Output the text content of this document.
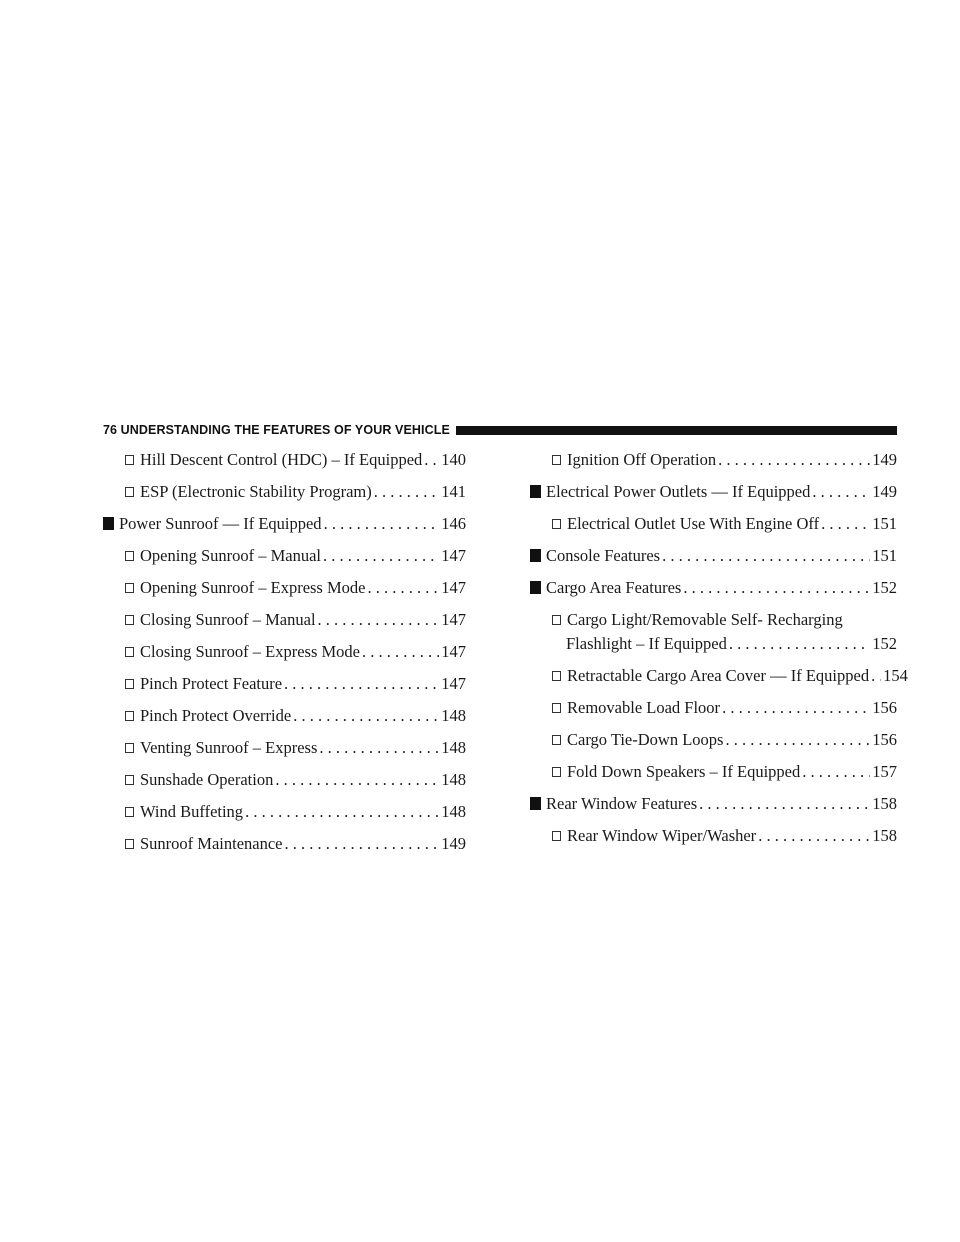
76 UNDERSTANDING THE FEATURES OF YOUR VEHICLE
Hill Descent Control (HDC) – If Equipped . . . 140
ESP (Electronic Stability Program) . . .	141
Power Sunroof — If Equipped . . .	146
Opening Sunroof – Manual . . .	147
Opening Sunroof – Express Mode . . .	147
Closing Sunroof – Manual . . .	147
Closing Sunroof – Express Mode . . .	147
Pinch Protect Feature . . .	147
Pinch Protect Override . . .	148
Venting Sunroof – Express . . .	148
Sunshade Operation . . .	148
Wind Buffeting . . .	148
Sunroof Maintenance . . .	149
Ignition Off Operation . . .	149
Electrical Power Outlets — If Equipped . . .	149
Electrical Outlet Use With Engine Off . . .	151
Console Features . . .	151
Cargo Area Features . . .	152
Cargo Light/Removable Self- Recharging
Flashlight – If Equipped . . .	152
Retractable Cargo Area Cover — If Equipped . . . 154
Removable Load Floor . . .	156
Cargo Tie-Down Loops . . .	156
Fold Down Speakers – If Equipped . . .	157
Rear Window Features . . .	158
Rear Window Wiper/Washer . . .	158
